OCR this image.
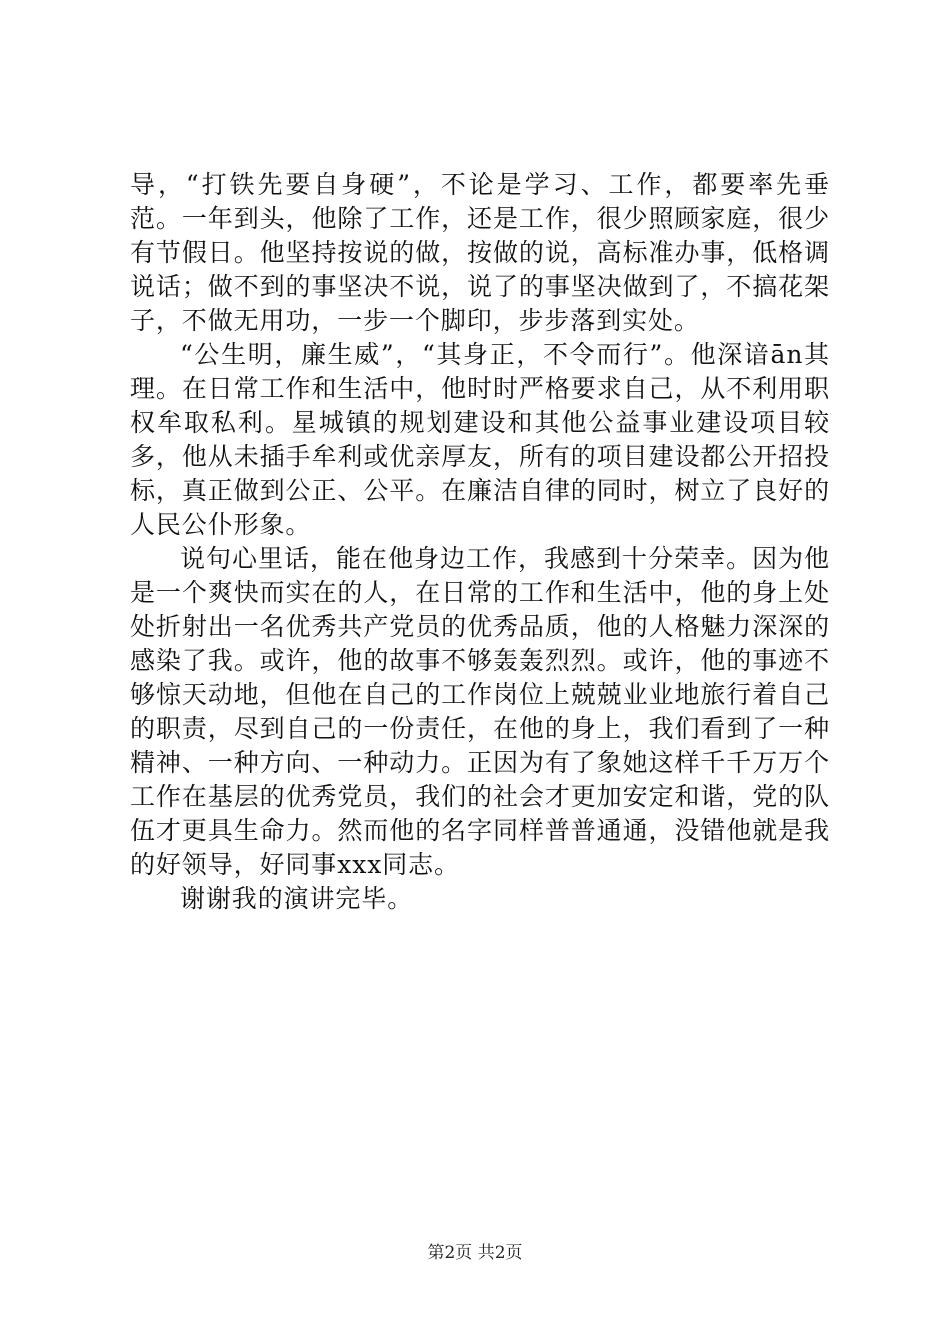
导，“打铁先要自身硬”，不论是学习、工作，都要率先垂范。一年到头，他除了工作，还是工作，很少照顾家庭，很少有节假日。他坚持按说的做，按做的说，高标准办事，低格调说话；做不到的事坚决不说，说了的事坚决做到了，不搞花架子，不做无用功，一步一个脚印，步步落到实处。

“公生明，廉生威”，“其身正，不令而行”。他深谙ān其理。在日常工作和生活中，他时时严格要求自己，从不利用职权牟取私利。星城镇的规划建设和其他公益事业建设项目较多，他从未插手牟利或优亲厚友，所有的项目建设都公开招投标，真正做到公正、公平。在廉洁自律的同时，树立了良好的人民公仆形象。

说句心里话，能在他身边工作，我感到十分荣幸。因为他是一个爽快而实在的人，在日常的工作和生活中，他的身上处处折射出一名优秀共产党员的优秀品质，他的人格魅力深深的感染了我。或许，他的故事不够轰轰烈烈。或许，他的事迹不够惊天动地，但他在自己的工作岗位上兢兢业业地旅行着自己的职责，尽到自己的一份责任，在他的身上，我们看到了一种精神、一种方向、一种动力。正因为有了象她这样千千万万个工作在基层的优秀党员，我们的社会才更加安定和谐，党的队伍才更具生命力。然而他的名字同样普普通通，没错他就是我的好领导，好同事xxx同志。

谢谢我的演讲完毕。

第2页 共2页
